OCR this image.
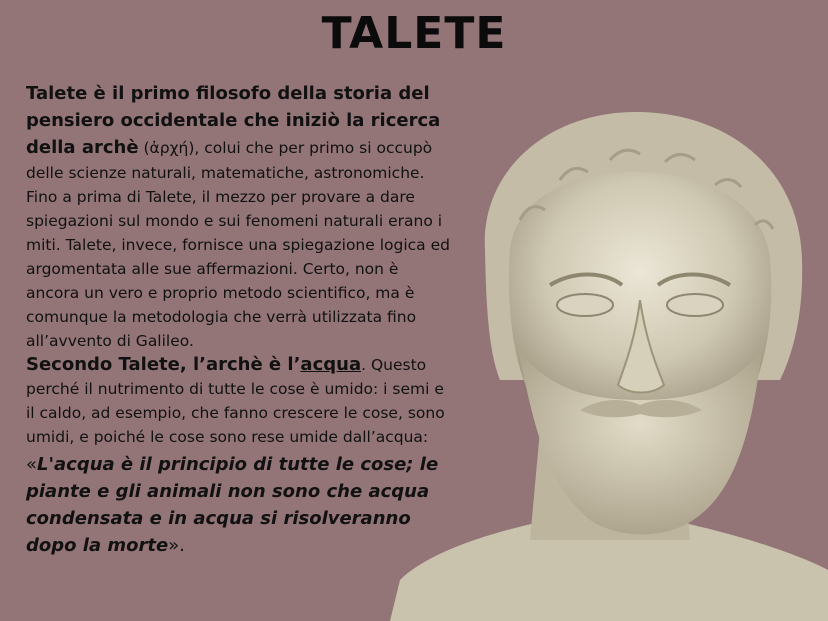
TALETE

Talete è il primo filosofo della storia del pensiero occidentale che iniziò la ricerca della archè (ἀρχή), colui che per primo si occupò delle scienze naturali, matematiche, astronomiche. Fino a prima di Talete, il mezzo per provare a dare spiegazioni sul mondo e sui fenomeni naturali erano i miti. Talete, invece, fornisce una spiegazione logica ed argomentata alle sue affermazioni. Certo, non è ancora un vero e proprio metodo scientifico, ma è comunque la metodologia che verrà utilizzata fino all’avvento di Galileo.

Secondo Talete, l’archè è l’acqua. Questo perché il nutrimento di tutte le cose è umido: i semi e il caldo, ad esempio, che fanno crescere le cose, sono umidi, e poiché le cose sono rese umide dall’acqua:

«L'acqua è il principio di tutte le cose; le piante e gli animali non sono che acqua condensata e in acqua si risolveranno dopo la morte».
